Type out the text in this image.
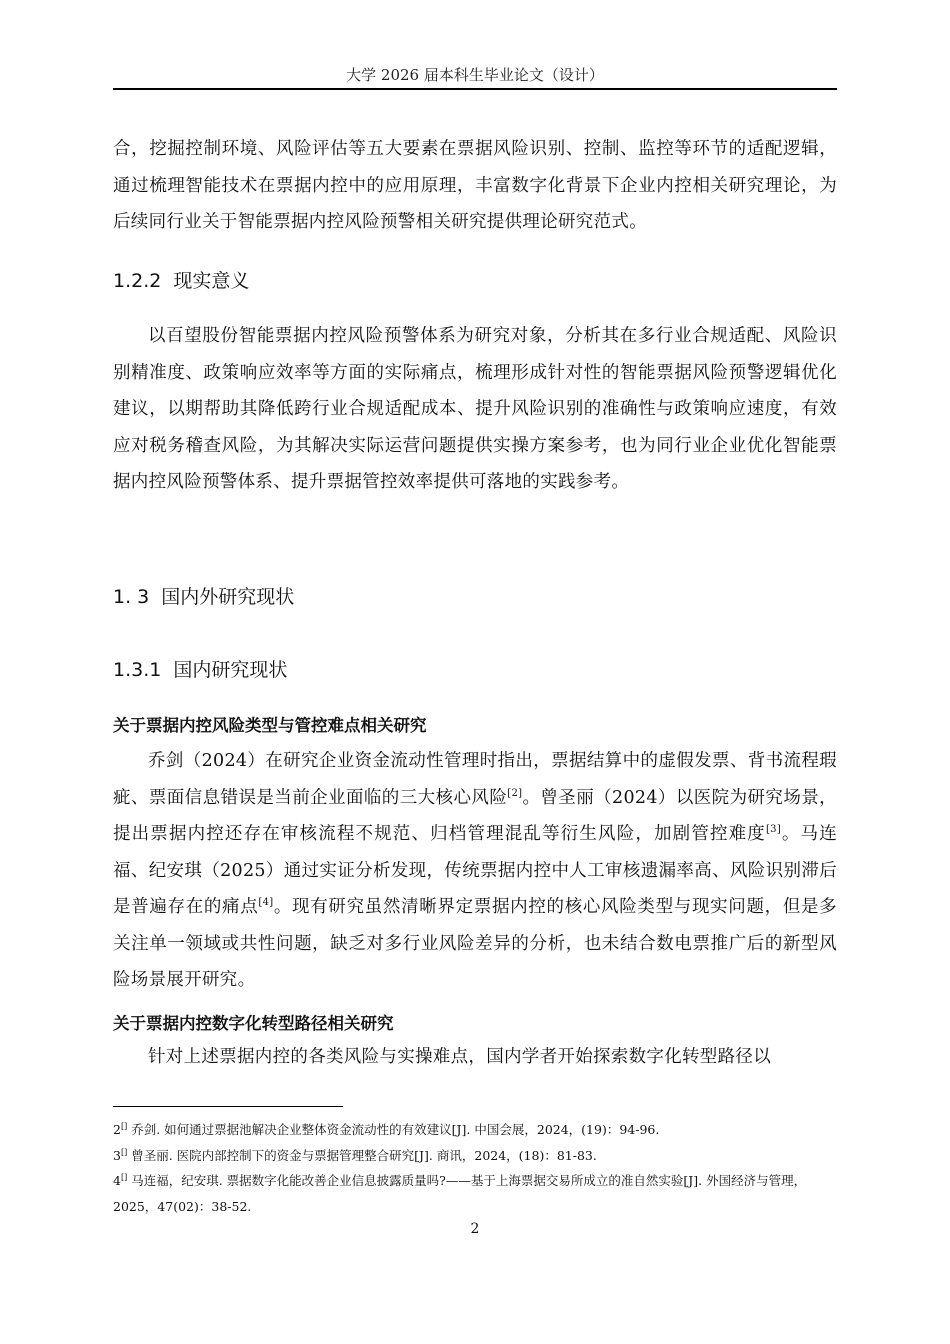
大学 2026 届本科生毕业论文（设计）
合，挖掘控制环境、风险评估等五大要素在票据风险识别、控制、监控等环节的适配逻辑，通过梳理智能技术在票据内控中的应用原理，丰富数字化背景下企业内控相关研究理论，为后续同行业关于智能票据内控风险预警相关研究提供理论研究范式。
1.2.2 现实意义
以百望股份智能票据内控风险预警体系为研究对象，分析其在多行业合规适配、风险识别精准度、政策响应效率等方面的实际痛点，梳理形成针对性的智能票据风险预警逻辑优化建议，以期帮助其降低跨行业合规适配成本、提升风险识别的准确性与政策响应速度，有效应对税务稽查风险，为其解决实际运营问题提供实操方案参考，也为同行业企业优化智能票据内控风险预警体系、提升票据管控效率提供可落地的实践参考。
1. 3 国内外研究现状
1.3.1 国内研究现状
关于票据内控风险类型与管控难点相关研究
乔剑（2024）在研究企业资金流动性管理时指出，票据结算中的虚假发票、背书流程瑕疵、票面信息错误是当前企业面临的三大核心风险[2]。曾圣丽（2024）以医院为研究场景，提出票据内控还存在审核流程不规范、归档管理混乱等衍生风险，加剧管控难度[3]。马连福、纪安琪（2025）通过实证分析发现，传统票据内控中人工审核遗漏率高、风险识别滞后是普遍存在的痛点[4]。现有研究虽然清晰界定票据内控的核心风险类型与现实问题，但是多关注单一领域或共性问题，缺乏对多行业风险差异的分析，也未结合数电票推广后的新型风险场景展开研究。
关于票据内控数字化转型路径相关研究
针对上述票据内控的各类风险与实操难点，国内学者开始探索数字化转型路径以
2[] 乔剑. 如何通过票据池解决企业整体资金流动性的有效建议[J]. 中国会展，2024，(19)：94-96.
3[] 曾圣丽. 医院内部控制下的资金与票据管理整合研究[J]. 商讯，2024，(18)：81-83.
4[] 马连福，纪安琪. 票据数字化能改善企业信息披露质量吗?——基于上海票据交易所成立的准自然实验[J]. 外国经济与管理，2025，47(02)：38-52.
2
